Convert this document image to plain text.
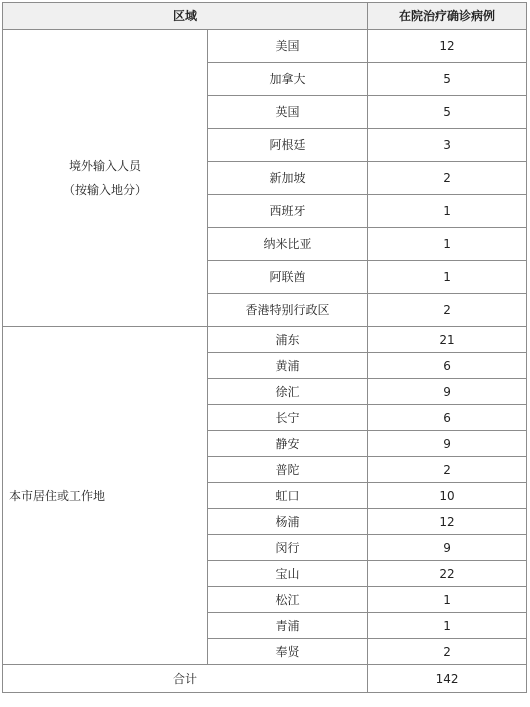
区域		在院治疗确诊病例

境外输入人员
（按输入地分）	美国	12
	加拿大	5
	英国	5
	阿根廷	3
	新加坡	2
	西班牙	1
	纳米比亚	1
	阿联酋	1
	香港特别行政区	2
本市居住或工作地	浦东	21
	黄浦	6
	徐汇	9
	长宁	6
	静安	9
	普陀	2
	虹口	10
	杨浦	12
	闵行	9
	宝山	22
	松江	1
	青浦	1
	奉贤	2
合计		142
